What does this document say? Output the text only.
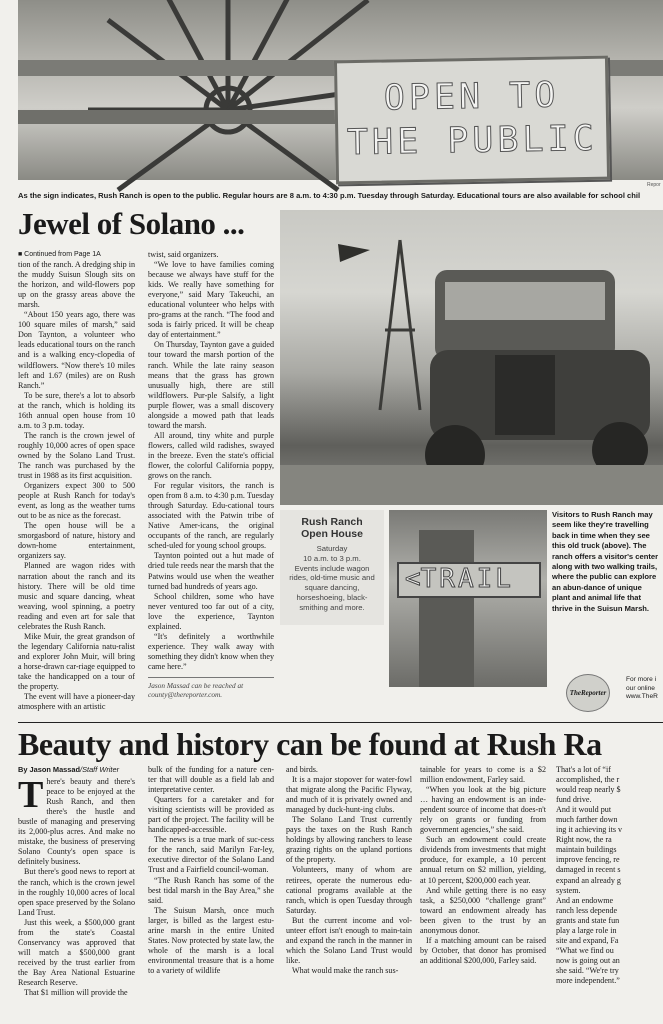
OPEN TO
THE PUBLIC
Repor
As the sign indicates, Rush Ranch is open to the public. Regular hours are 8 a.m. to 4:30 p.m. Tuesday through Saturday. Educational tours are also available for school chil
Jewel of Solano ...
■ Continued from Page 1A

tion of the ranch. A dredging ship in the muddy Suisun Slough sits on the horizon, and wild-flowers pop up on the grassy areas above the marsh.

“About 150 years ago, there was 100 square miles of marsh,” said Don Taynton, a volunteer who leads educational tours on the ranch and is a walking ency-clopedia of wildflowers. “Now there's 10 miles left and 1.67 (miles) are on Rush Ranch.”

To be sure, there's a lot to absorb at the ranch, which is holding its 16th annual open house from 10 a.m. to 3 p.m. today.

The ranch is the crown jewel of roughly 10,000 acres of open space owned by the Solano Land Trust. The ranch was purchased by the trust in 1988 as its first acquisition.

Organizers expect 300 to 500 people at Rush Ranch for today's event, as long as the weather turns out to be as nice as the forecast.

The open house will be a smorgasbord of nature, history and down-home entertainment, organizers say.

Planned are wagon rides with narration about the ranch and its history. There will be old time music and square dancing, wheat weaving, wool spinning, a poetry reading and even art for sale that celebrates the Rush Ranch.

Mike Muir, the great grandson of the legendary California natu-ralist and explorer John Muir, will bring a horse-drawn car-riage equipped to take the handicapped on a tour of the property.

The event will have a pioneer-day atmosphere with an artistic

twist, said organizers.

“We love to have families coming because we always have stuff for the kids. We really have something for everyone,” said Mary Takeuchi, an educational volunteer who helps with pro-grams at the ranch. “The food and soda is fairly priced. It will be cheap day of entertainment.”

On Thursday, Taynton gave a guided tour toward the marsh portion of the ranch. While the late rainy season means that the grass has grown unusually high, there are still wildflowers. Pur-ple Salsify, a light purple flower, was a small discovery alongside a mowed path that leads toward the marsh.

All around, tiny white and purple flowers, called wild radishes, swayed in the breeze. Even the state's official flower, the colorful California poppy, grows on the ranch.

For regular visitors, the ranch is open from 8 a.m. to 4:30 p.m. Tuesday through Saturday. Edu-cational tours associated with the Patwin tribe of Native Amer-icans, the original occupants of the ranch, are regularly sched-uled for young school groups.

Taynton pointed out a hut made of dried tule reeds near the marsh that the Patwins would use when the weather turned bad hundreds of years ago.

School children, some who have never ventured too far out of a city, love the experience, Taynton explained.

“It's definitely a worthwhile experience. They walk away with something they didn't know when they came here.”

Jason Massad can be reached at
county@thereporter.com.
Rush Ranch
Open House
Saturday
10 a.m. to 3 p.m.
Events include wagon rides, old-time music and square dancing, horseshoeing, black-smithing and more.
<TRAIL
Visitors to Rush Ranch may seem like they're travelling back in time when they see this old truck (above). The ranch offers a visitor's center along with two walking trails, where the public can explore an abun-dance of unique plant and animal life that thrive in the Suisun Marsh.
TheReporter
For more i
our online
www.TheR
Beauty and history can be found at Rush Ra
By Jason Massad/Staff Writer
T here's beauty and there's peace to be enjoyed at the Rush Ranch, and then there's the hustle and bustle of managing and preserving its 2,000-plus acres. And make no mistake, the business of preserving Solano County's open space is definitely business.

But there's good news to report at the ranch, which is the crown jewel in the roughly 10,000 acres of local open space preserved by the Solano Land Trust.

Just this week, a $500,000 grant from the state's Coastal Conservancy was approved that will match a $500,000 grant received by the trust earlier from the Bay Area National Estuarine Research Reserve.

That $1 million will provide the

bulk of the funding for a nature cen-ter that will double as a field lab and interpretative center.

Quarters for a caretaker and for visiting scientists will be provided as part of the project. The facility will be handicapped-accessible.

The news is a true mark of suc-cess for the ranch, said Marilyn Far-ley, executive director of the Solano Land Trust and a Fairfield council-woman.

“The Rush Ranch has some of the best tidal marsh in the Bay Area,” she said.

The Suisun Marsh, once much larger, is billed as the largest estu-arine marsh in the entire United States. Now protected by state law, the whole of the marsh is a local environmental treasure that is a home to a variety of wildlife

and birds.

It is a major stopover for water-fowl that migrate along the Pacific Flyway, and much of it is privately owned and managed by duck-hunt-ing clubs.

The Solano Land Trust currently pays the taxes on the Rush Ranch holdings by allowing ranchers to lease grazing rights on the upland portions of the property.

Volunteers, many of whom are retirees, operate the numerous edu-cational programs available at the ranch, which is open Tuesday through Saturday.

But the current income and vol-unteer effort isn't enough to main-tain and expand the ranch in the manner in which the Solano Land Trust would like.

What would make the ranch sus-

tainable for years to come is a $2 million endowment, Farley said.

“When you look at the big picture … having an endowment is an inde-pendent source of income that does-n't rely on grants or funding from government agencies,” she said.

Such an endowment could create dividends from investments that might produce, for example, a 10 percent annual return on $2 million, yielding, at 10 percent, $200,000 each year.

And while getting there is no easy task, a $250,000 “challenge grant” toward an endowment already has been given to the trust by an anonymous donor.

If a matching amount can be raised by October, that donor has promised an additional $200,000, Farley said.

That's a lot of “if
accomplished, the r
would reap nearly $
fund drive.
And it would put
much farther down
ing it achieving its v
Right now, the ra
maintain buildings
improve fencing, re
damaged in recent s
expand an already g
system.
And an endowme
ranch less depende
grants and state fun
play a large role in
site and expand, Fa
“What we find ou
now is going out an
she said. “We're try
more independent.”
